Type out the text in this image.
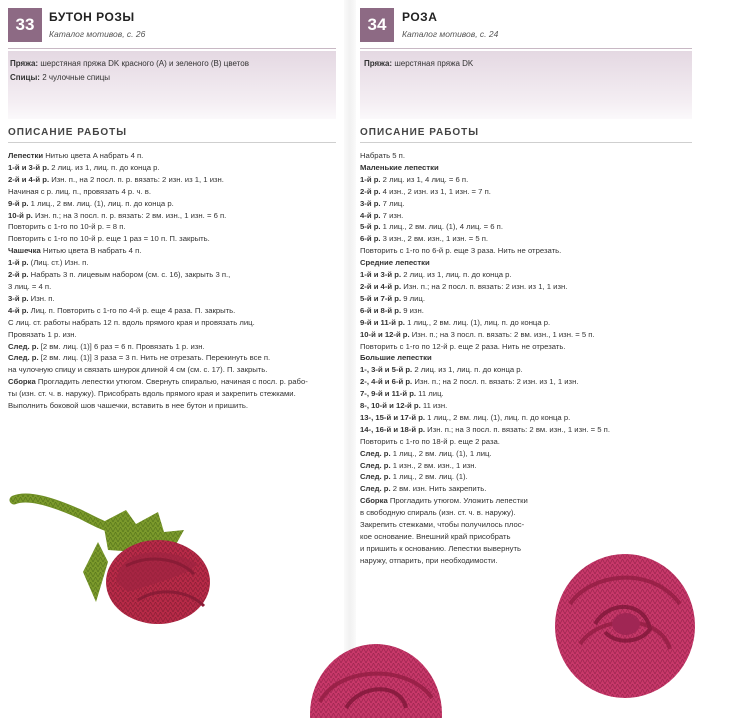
33 БУТОН РОЗЫ
Каталог мотивов, с. 26

Пряжа: шерстяная пряжа DK красного (A) и зеленого (B) цветов

Спицы: 2 чулочные спицы

ОПИСАНИЕ РАБОТЫ
Лепестки Нитью цвета A набрать 4 п.
1-й и 3-й р. 2 лиц. из 1, лиц. п. до конца р.
2-й и 4-й р. Изн. п., на 2 посл. п. р. вязать: 2 изн. из 1, 1 изн.
Начиная с р. лиц. п., провязать 4 р. ч. в.
9-й р. 1 лиц., 2 вм. лиц. (1), лиц. п. до конца р.
10-й р. Изн. п.; на 3 посл. п. р. вязать: 2 вм. изн., 1 изн. = 6 п.
Повторить с 1-го по 10-й р. = 8 п.
Повторить с 1-го по 10-й р. еще 1 раз = 10 п. П. закрыть.
Чашечка Нитью цвета B набрать 4 п.
1-й р. (Лиц. ст.) Изн. п.
2-й р. Набрать 3 п. лицевым набором (см. с. 16), закрыть 3 п.,
3 лиц. = 4 п.
3-й р. Изн. п.
4-й р. Лиц. п. Повторить с 1-го по 4-й р. еще 4 раза. П. закрыть.
С лиц. ст. работы набрать 12 п. вдоль прямого края и провязать лиц.
Провязать 1 р. изн.
След. р. [2 вм. лиц. (1)] 6 раз = 6 п. Провязать 1 р. изн.
След. р. [2 вм. лиц. (1)] 3 раза = 3 п. Нить не отрезать. Перекинуть все п.
на чулочную спицу и связать шнурок длиной 4 см (см. с. 17). П. закрыть.
Сборка Прогладить лепестки утюгом. Свернуть спиралью, начиная с посл. р. рабо-
ты (изн. ст. ч. в. наружу). Присобрать вдоль прямого края и закрепить стежками.
Выполнить боковой шов чашечки, вставить в нее бутон и пришить.
34 РОЗА
Каталог мотивов, с. 24

Пряжа: шерстяная пряжа DK

ОПИСАНИЕ РАБОТЫ
Набрать 5 п.
Маленькие лепестки
1-й р. 2 лиц. из 1, 4 лиц. = 6 п.
2-й р. 4 изн., 2 изн. из 1, 1 изн. = 7 п.
3-й р. 7 лиц.
4-й р. 7 изн.
5-й р. 1 лиц., 2 вм. лиц. (1), 4 лиц. = 6 п.
6-й р. 3 изн., 2 вм. изн., 1 изн. = 5 п.
Повторить с 1-го по 6-й р. еще 3 раза. Нить не отрезать.
Средние лепестки
1-й и 3-й р. 2 лиц. из 1, лиц. п. до конца р.
2-й и 4-й р. Изн. п.; на 2 посл. п. вязать: 2 изн. из 1, 1 изн.
5-й и 7-й р. 9 лиц.
6-й и 8-й р. 9 изн.
9-й и 11-й р. 1 лиц., 2 вм. лиц. (1), лиц. п. до конца р.
10-й и 12-й р. Изн. п.; на 3 посл. п. вязать: 2 вм. изн., 1 изн. = 5 п.
Повторить с 1-го по 12-й р. еще 2 раза. Нить не отрезать.
Большие лепестки
1-, 3-й и 5-й р. 2 лиц. из 1, лиц. п. до конца р.
2-, 4-й и 6-й р. Изн. п.; на 2 посл. п. вязать: 2 изн. из 1, 1 изн.
7-, 9-й и 11-й р. 11 лиц.
8-, 10-й и 12-й р. 11 изн.
13-, 15-й и 17-й р. 1 лиц., 2 вм. лиц. (1), лиц. п. до конца р.
14-, 16-й и 18-й р. Изн. п.; на 3 посл. п. вязать: 2 вм. изн., 1 изн. = 5 п.
Повторить с 1-го по 18-й р. еще 2 раза.
След. р. 1 лиц., 2 вм. лиц. (1), 1 лиц.
След. р. 1 изн., 2 вм. изн., 1 изн.
След. р. 1 лиц., 2 вм. лиц. (1).
След. р. 2 вм. изн. Нить закрепить.
Сборка Прогладить утюгом. Уложить лепестки
в свободную спираль (изн. ст. ч. в. наружу).
Закрепить стежками, чтобы получилось плос-
кое основание. Внешний край присобрать
и пришить к основанию. Лепестки вывернуть
наружу, отпарить, при необходимости.
